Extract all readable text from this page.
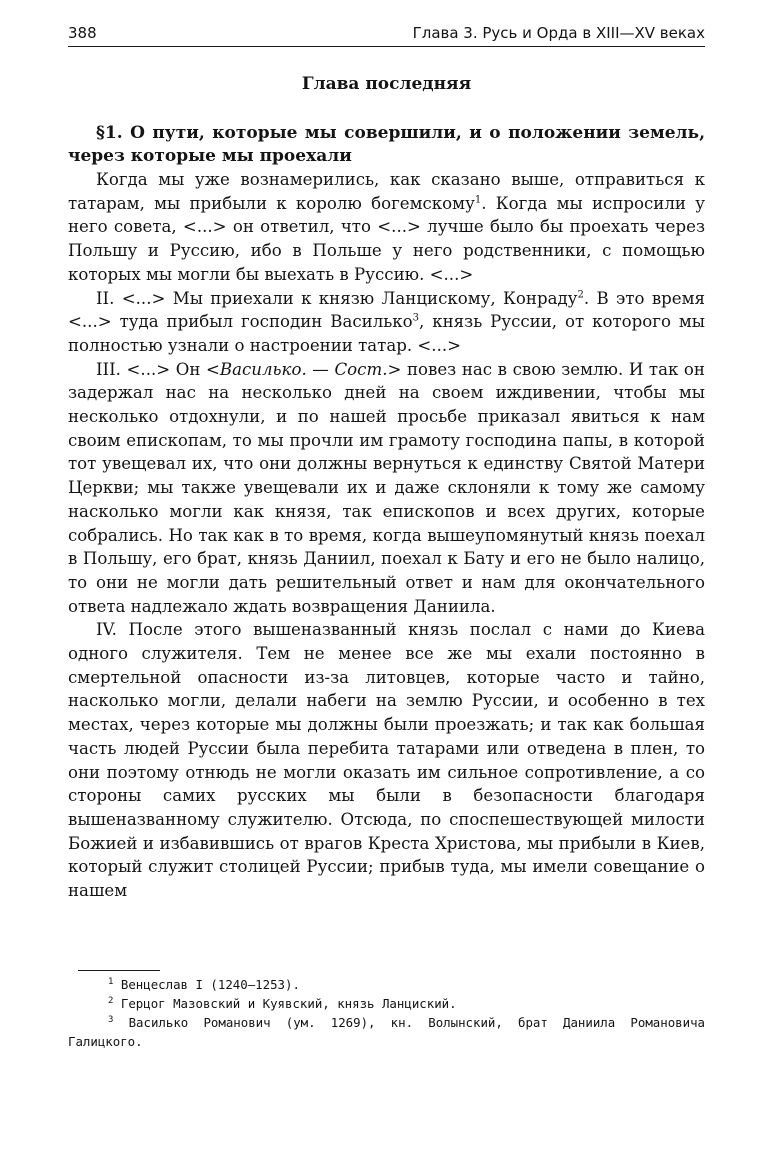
388	Глава 3. Русь и Орда в XIII—XV веках
Глава последняя

§1. О пути, которые мы совершили, и о положении земель, через которые мы проехали

Когда мы уже вознамерились, как сказано выше, отправиться к татарам, мы прибыли к королю богемскому$^1$. Когда мы испросили у него совета, <...> он ответил, что <...> лучше было бы проехать через Польшу и Руссию, ибо в Польше у него родственники, с помощью которых мы могли бы выехать в Руссию. <...>

II. <...> Мы приехали к князю Ланцискому, Конраду$^2$. В это время <...> туда прибыл господин Василько$^3$, князь Руссии, от которого мы полностью узнали о настроении татар. <...>

III. <...> Он <Василько. — Сост.> повез нас в свою землю. И так он задержал нас на несколько дней на своем иждивении, чтобы мы несколько отдохнули, и по нашей просьбе приказал явиться к нам своим епископам, то мы прочли им грамоту господина папы, в которой тот увещевал их, что они должны вернуться к единству Святой Матери Церкви; мы также увещевали их и даже склоняли к тому же самому насколько могли как князя, так епископов и всех других, которые собрались. Но так как в то время, когда вышеупомянутый князь поехал в Польшу, его брат, князь Даниил, поехал к Бату и его не было налицо, то они не могли дать решительный ответ и нам для окончательного ответа надлежало ждать возвращения Даниила.

IV. После этого вышеназванный князь послал с нами до Киева одного служителя. Тем не менее все же мы ехали постоянно в смертельной опасности из-за литовцев, которые часто и тайно, насколько могли, делали набеги на землю Руссии, и особенно в тех местах, через которые мы должны были проезжать; и так как большая часть людей Руссии была перебита татарами или отведена в плен, то они поэтому отнюдь не могли оказать им сильное сопротивление, а со стороны самих русских мы были в безопасности благодаря вышеназванному служителю. Отсюда, по споспешествующей милости Божией и избавившись от врагов Креста Христова, мы прибыли в Киев, который служит столицей Руссии; прибыв туда, мы имели совещание о нашем

$^1$ Венцеслав I (1240—1253).

$^2$ Герцог Мазовский и Куявский, князь Ланциский.

$^3$ Василько Романович (ум. 1269), кн. Волынский, брат Даниила Романовича Галицкого.
